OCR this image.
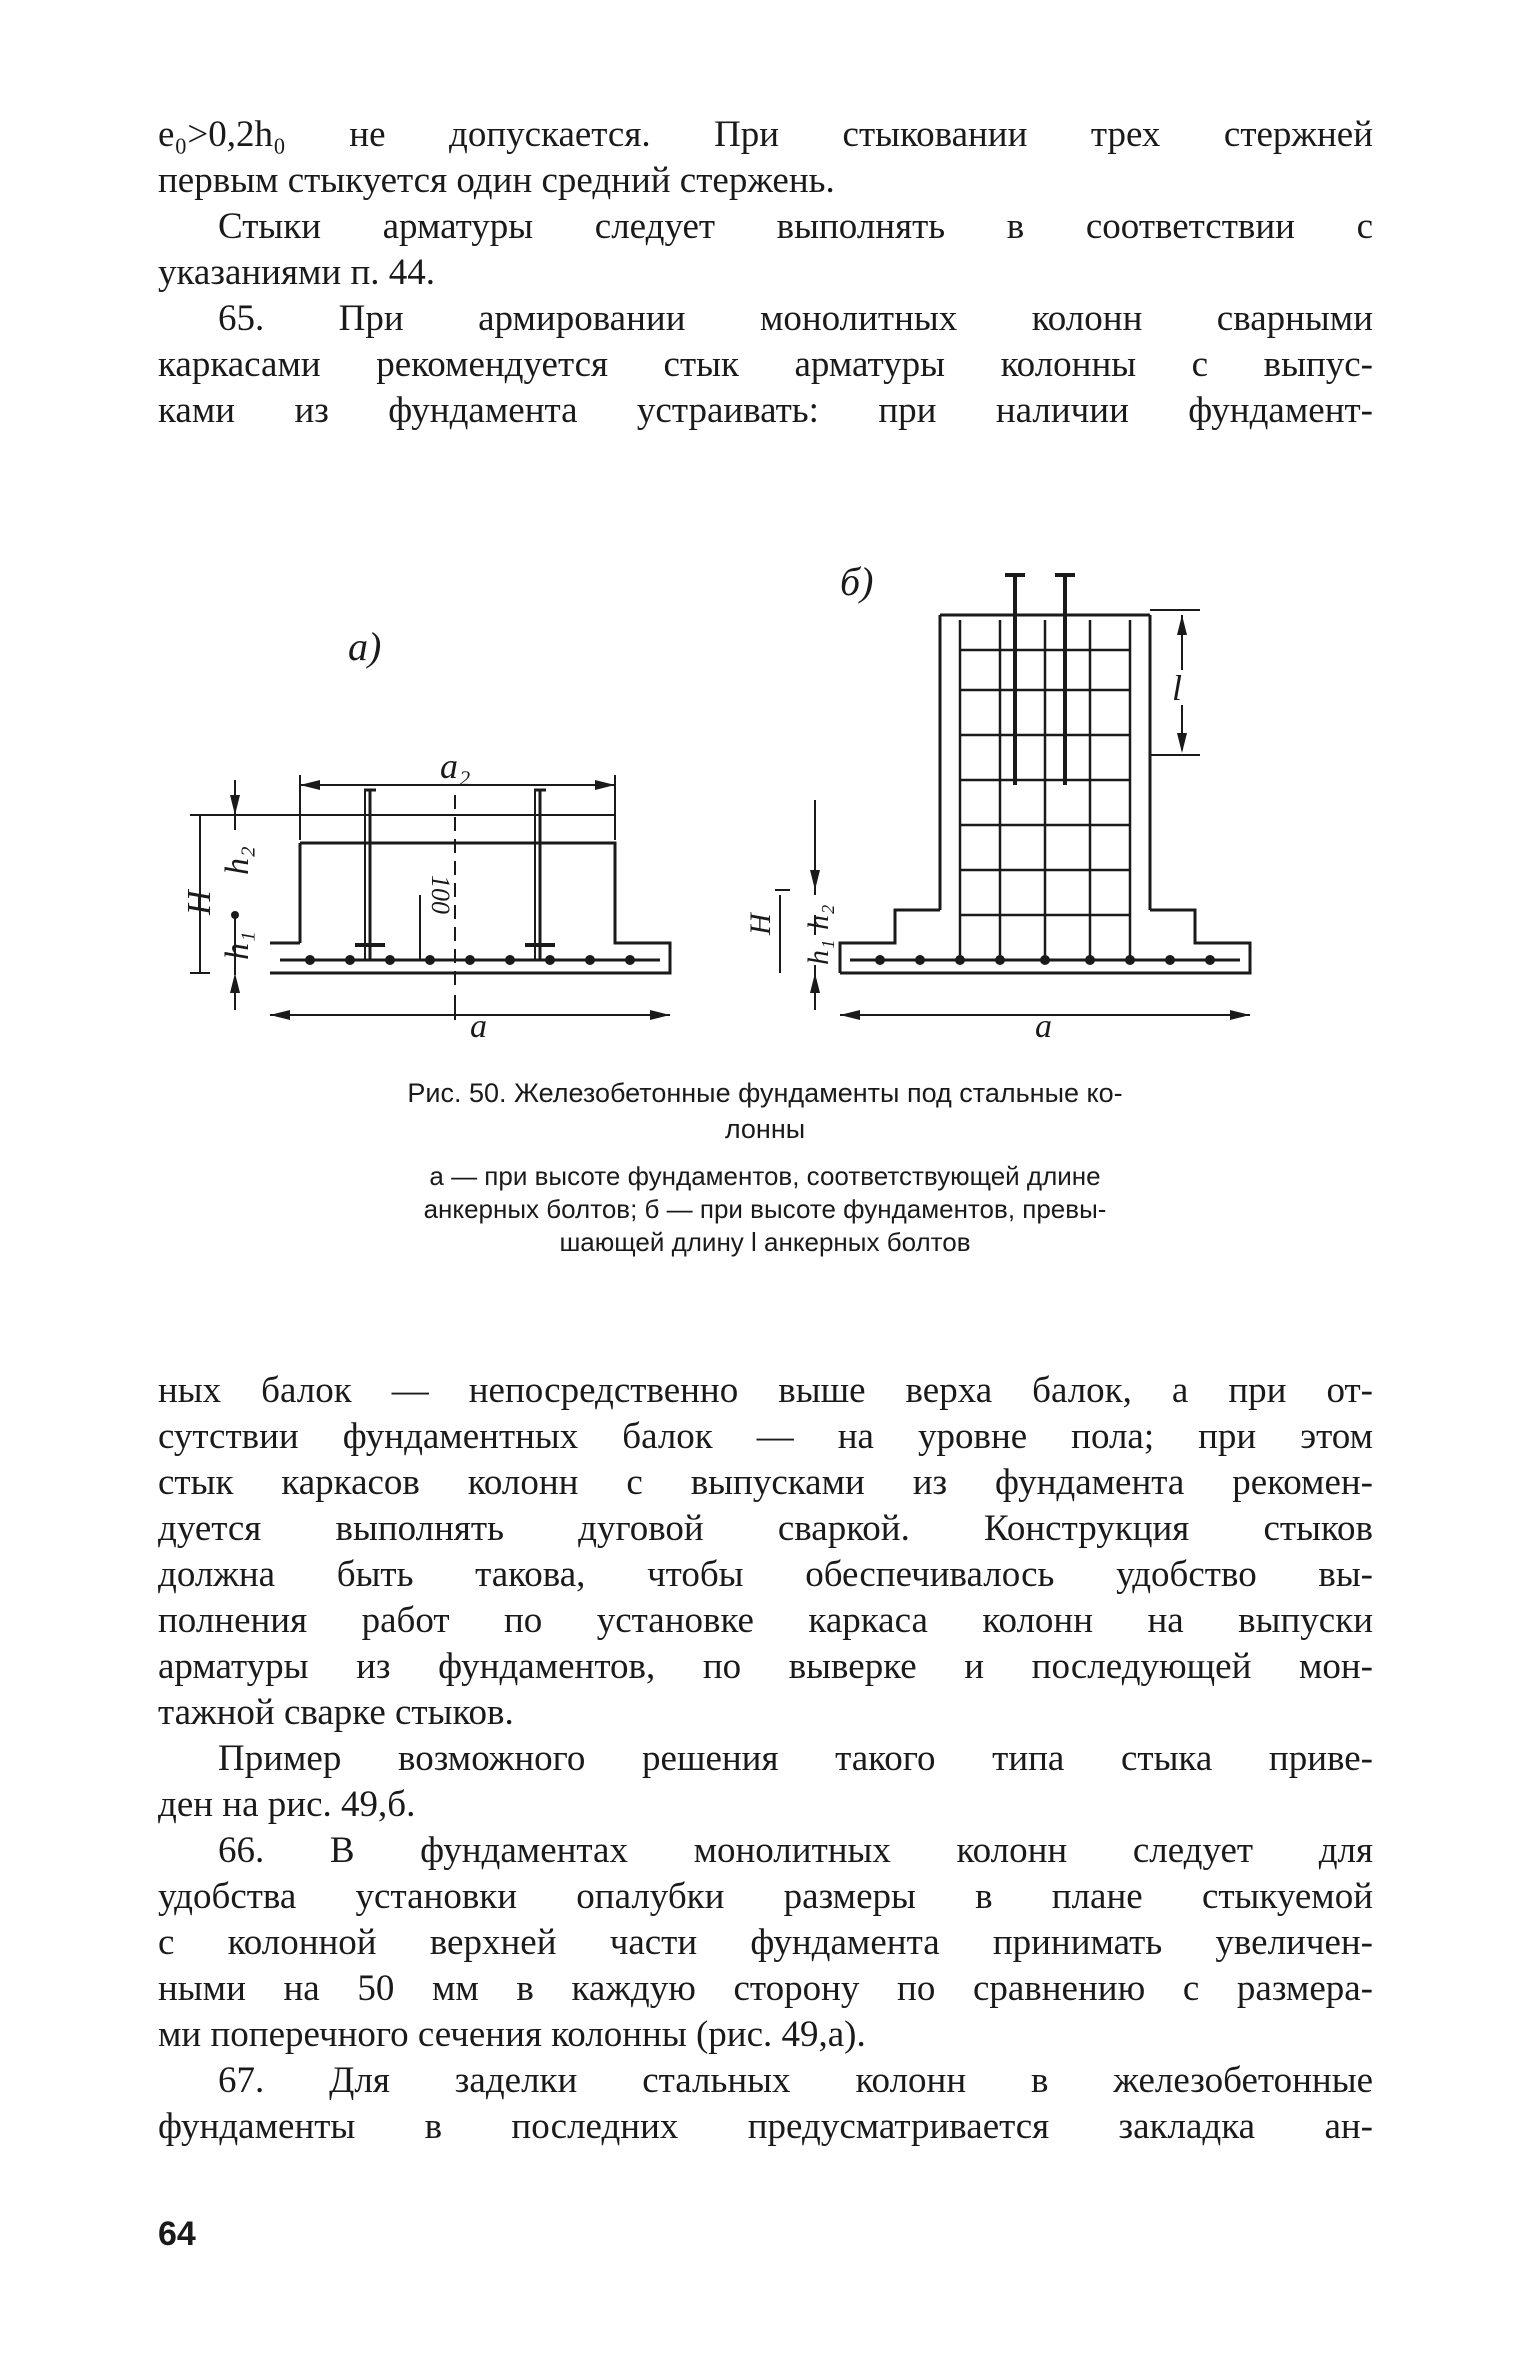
e₀>0,2h₀ не допускается. При стыковании трех стержней
первым стыкуется один средний стержень.
Стыки арматуры следует выполнять в соответствии с
указаниями п. 44.
65. При армировании монолитных колонн сварными
каркасами рекомендуется стык арматуры колонны с выпус-
ками из фундамента устраивать: при наличии фундамент-
а)
a₂
100
h₂
h₁
H
a
б)
l
h₂
h₁
H
a
Рис. 50. Железобетонные фундаменты под стальные ко-
лонны
а — при высоте фундаментов, соответствующей длине
анкерных болтов; б — при высоте фундаментов, превы-
шающей длину l анкерных болтов
ных балок — непосредственно выше верха балок, а при от-
сутствии фундаментных балок — на уровне пола; при этом
стык каркасов колонн с выпусками из фундамента рекомен-
дуется выполнять дуговой сваркой. Конструкция стыков
должна быть такова, чтобы обеспечивалось удобство вы-
полнения работ по установке каркаса колонн на выпуски
арматуры из фундаментов, по выверке и последующей мон-
тажной сварке стыков.
Пример возможного решения такого типа стыка приве-
ден на рис. 49,б.
66. В фундаментах монолитных колонн следует для
удобства установки опалубки размеры в плане стыкуемой
с колонной верхней части фундамента принимать увеличен-
ными на 50 мм в каждую сторону по сравнению с размера-
ми поперечного сечения колонны (рис. 49,а).
67. Для заделки стальных колонн в железобетонные
фундаменты в последних предусматривается закладка ан-
64
